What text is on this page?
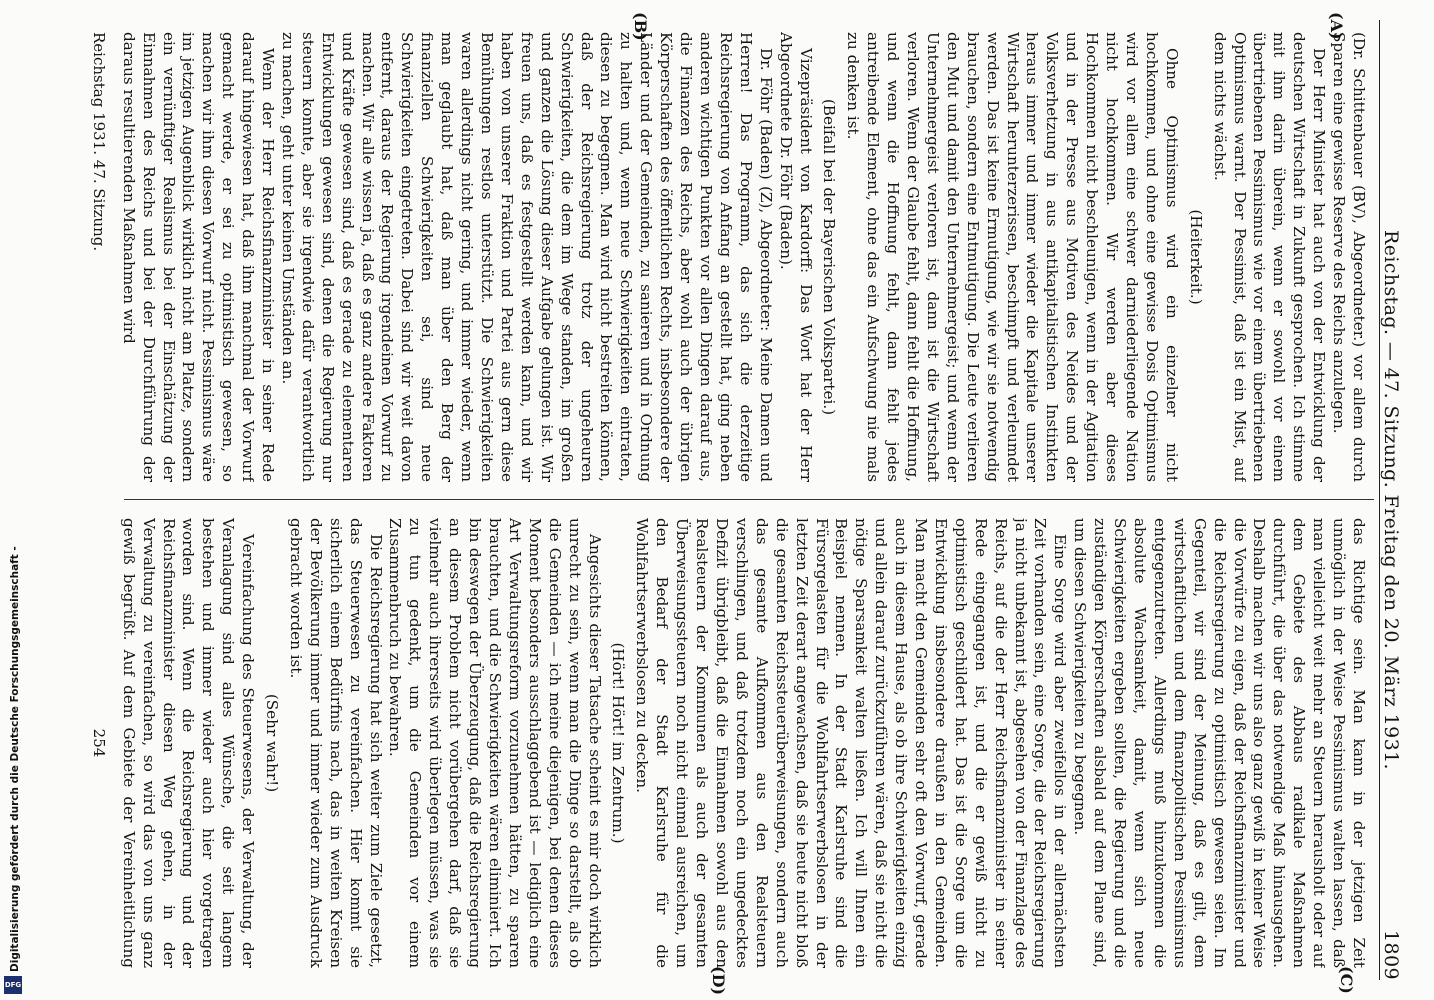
Reichstag. — 47. Sitzung. Freitag den 20. März 1931.
1809
(A)
(B)
(C)
(D)

(Dr. Schittenbauer (BV), Abgeordneter.) vor allem durch Sparen eine gewisse Reserve des Reichs anzulegen.

Der Herr Minister hat auch von der Entwicklung der deutschen Wirtschaft in Zukunft gesprochen. Ich stimme mit ihm darin überein, wenn er sowohl vor einem übertriebenen Pessimismus wie vor einem übertriebenen Optimismus warnt. Der Pessimist, daß ist ein Mist, auf dem nichts wächst.

(Heiterkeit.)

Ohne Optimismus wird ein einzelner nicht hochkommen, und ohne eine gewisse Dosis Optimismus wird vor allem eine schwer darniederliegende Nation nicht hochkommen. Wir werden aber dieses Hochkommen nicht beschleunigen, wenn in der Agitation und in der Presse aus Motiven des Neides und der Volksverhetzung in aus antikapitalistischen Instinkten heraus immer und immer wieder die Kapitale unserer Wirtschaft herunterzerissen, beschimpft und verleumdet werden. Das ist keine Ermutigung, wie wir sie notwendig brauchen, sondern eine Entmutigung. Die Leute verlieren den Mut und damit den Unternehmergeist; und wenn der Unternehmergeist verloren ist, dann ist die Wirtschaft verloren. Wenn der Glaube fehlt, dann fehlt die Hoffnung, und wenn die Hoffnung fehlt, dann fehlt jedes antreibende Element, ohne das ein Aufschwung nie mals zu denken ist.

(Beifall bei der Bayerischen Volkspartei.)

Vizepräsident von Kardorff: Das Wort hat der Herr Abgeordnete Dr. Föhr (Baden).

Dr. Föhr (Baden) (Z), Abgeordneter: Meine Damen und Herren! Das Programm, das sich die derzeitige Reichsregierung von Anfang an gestellt hat, ging neben anderen wichtigen Punkten vor allen Dingen darauf aus, die Finanzen des Reichs, aber wohl auch der übrigen Körperschaften des öffentlichen Rechts, insbesondere der Länder und der Gemeinden, zu sanieren und in Ordnung zu halten und, wenn neue Schwierigkeiten eintraten, diesen zu begegnen. Man wird nicht bestreiten können, daß der Reichsregierung trotz der ungeheuren Schwierigkeiten, die dem im Wege standen, im großen und ganzen die Lösung dieser Aufgabe gelungen ist. Wir freuen uns, daß es festgestellt werden kann, und wir haben von unserer Fraktion und Partei aus gern diese Bemühungen restlos unterstützt. Die Schwierigkeiten waren allerdings nicht gering, und immer wieder, wenn man geglaubt hat, daß man über den Berg der finanziellen Schwierigkeiten sei, sind neue Schwierigkeiten eingetreten. Dabei sind wir weit davon entfernt, daraus der Regierung irgendeinen Vorwurf zu machen. Wir alle wissen ja, daß es ganz andere Faktoren und Kräfte gewesen sind, daß es gerade zu elementaren Entwicklungen gewesen sind, denen die Regierung nur steuern konnte, aber sie irgendwie dafür verantwortlich zu machen, geht unter keinen Umständen an.

Wenn der Herr Reichsfinanzminister in seiner Rede darauf hingewiesen hat, daß ihm manchmal der Vorwurf gemacht werde, er sei zu optimistisch gewesen, so machen wir ihm diesen Vorwurf nicht. Pessimismus wäre im jetzigen Augenblick wirklich nicht am Platze, sondern ein vernünftiger Realismus bei der Einschätzung der Einnahmen des Reichs und bei der Durchführung der daraus resultierenden Maßnahmen wird

das Richtige sein. Man kann in der jetzigen Zeit unmöglich in der Weise Pessimismus walten lassen, daß man vielleicht weit mehr an Steuern herausholt oder auf dem Gebiete des Abbaus radikale Maßnahmen durchführt, die über das notwendige Maß hinausgehen. Deshalb machen wir uns also ganz gewiß in keiner Weise die Vorwürfe zu eigen, daß der Reichsfinanzminister und die Reichsregierung zu optimistisch gewesen seien. Im Gegenteil, wir sind der Meinung, daß es gilt, dem wirtschaftlichen und dem finanzpolitischen Pessimismus entgegenzutreten. Allerdings muß hinzukommen die absolute Wachsamkeit, damit, wenn sich neue Schwierigkeiten ergeben sollten, die Regierung und die zuständigen Körperschaften alsbald auf dem Plane sind, um diesen Schwierigkeiten zu begegnen.

Eine Sorge wird aber zweifellos in der allernächsten Zeit vorhanden sein, eine Sorge, die der Reichsregierung ja nicht unbekannt ist, abgesehen von der Finanzlage des Reichs, auf die der Herr Reichsfinanzminister in seiner Rede eingegangen ist, und die er gewiß nicht zu optimistisch geschildert hat. Das ist die Sorge um die Entwicklung insbesondere draußen in den Gemeinden. Man macht den Gemeinden sehr oft den Vorwurf, gerade auch in diesem Hause, als ob ihre Schwierigkeiten einzig und allein darauf zurückzuführen wären, daß sie nicht die nötige Sparsamkeit walten ließen. Ich will Ihnen ein Beispiel nennen. In der Stadt Karlsruhe sind die Fürsorgelasten für die Wohlfahrtserwerbslosen in der letzten Zeit derart angewachsen, daß sie heute nicht bloß die gesamten Reichssteuerüberweisungen, sondern auch das gesamte Aufkommen aus den Realsteuern verschlingen, und daß trotzdem noch ein ungedecktes Defizit übrigbleibt, daß die Einnahmen sowohl aus den Realsteuern der Kommunen als auch der gesamten Überweisungssteuern noch nicht einmal ausreichen, um den Bedarf der Stadt Karlsruhe für die Wohlfahrtserwerbslosen zu decken.

(Hört! Hört! im Zentrum.)

Angesichts dieser Tatsache scheint es mir doch wirklich unrecht zu sein, wenn man die Dinge so darstellt, als ob die Gemeinden — ich meine diejenigen, bei denen dieses Moment besonders ausschlaggebend ist — lediglich eine Art Verwaltungsreform vorzunehmen hätten, zu sparen brauchten, und die Schwierigkeiten wären eliminiert. Ich bin deswegen der Überzeugung, daß die Reichsregierung an diesem Problem nicht vorübergehen darf, daß sie vielmehr auch ihrerseits wird überlegen müssen, was sie zu tun gedenkt, um die Gemeinden vor einem Zusammenbruch zu bewahren.

Die Reichsregierung hat sich weiter zum Ziele gesetzt, das Steuerwesen zu vereinfachen. Hier kommt sie sicherlich einem Bedürfnis nach, das in weiten Kreisen der Bevölkerung immer und immer wieder zum Ausdruck gebracht worden ist.

(Sehr wahr!)

Vereinfachung des Steuerwesens, der Verwaltung, der Veranlagung sind alles Wünsche, die seit langem bestehen und immer wieder auch hier vorgetragen worden sind. Wenn die Reichsregierung und der Reichsfinanzminister diesen Weg gehen, in der Verwaltung zu vereinfachen, so wird das von uns ganz gewiß begrüßt. Auf dem Gebiete der Vereinheitlichung

Reichstag 1931. 47. Sitzung.
254
Digitalisierung gefördert durch die Deutsche Forschungsgemeinschaft -
DFG
